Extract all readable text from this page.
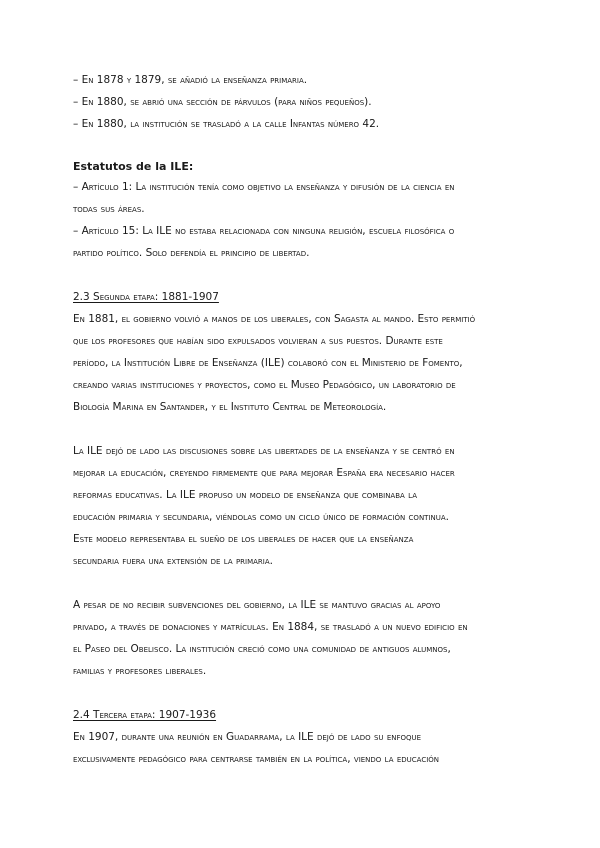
– En 1878 y 1879, se añadió la enseñanza primaria.
– En 1880, se abrió una sección de párvulos (para niños pequeños).
– En 1880, la institución se trasladó a la calle Infantas número 42.
Estatutos de la ILE:
– Artículo 1: La institución tenía como objetivo la enseñanza y difusión de la ciencia en
todas sus áreas.
– Artículo 15: La ILE no estaba relacionada con ninguna religión, escuela filosófica o
partido político. Solo defendía el principio de libertad.
2.3 Segunda etapa: 1881-1907
En 1881, el gobierno volvió a manos de los liberales, con Sagasta al mando. Esto permitió
que los profesores que habían sido expulsados volvieran a sus puestos. Durante este
período, la Institución Libre de Enseñanza (ILE) colaboró con el Ministerio de Fomento,
creando varias instituciones y proyectos, como el Museo Pedagógico, un laboratorio de
Biología Marina en Santander, y el Instituto Central de Meteorología.
La ILE dejó de lado las discusiones sobre las libertades de la enseñanza y se centró en
mejorar la educación, creyendo firmemente que para mejorar España era necesario hacer
reformas educativas. La ILE propuso un modelo de enseñanza que combinaba la
educación primaria y secundaria, viéndolas como un ciclo único de formación continua.
Este modelo representaba el sueño de los liberales de hacer que la enseñanza
secundaria fuera una extensión de la primaria.
A pesar de no recibir subvenciones del gobierno, la ILE se mantuvo gracias al apoyo
privado, a través de donaciones y matrículas. En 1884, se trasladó a un nuevo edificio en
el Paseo del Obelisco. La institución creció como una comunidad de antiguos alumnos,
familias y profesores liberales.
2.4 Tercera etapa: 1907-1936
En 1907, durante una reunión en Guadarrama, la ILE dejó de lado su enfoque
exclusivamente pedagógico para centrarse también en la política, viendo la educación
